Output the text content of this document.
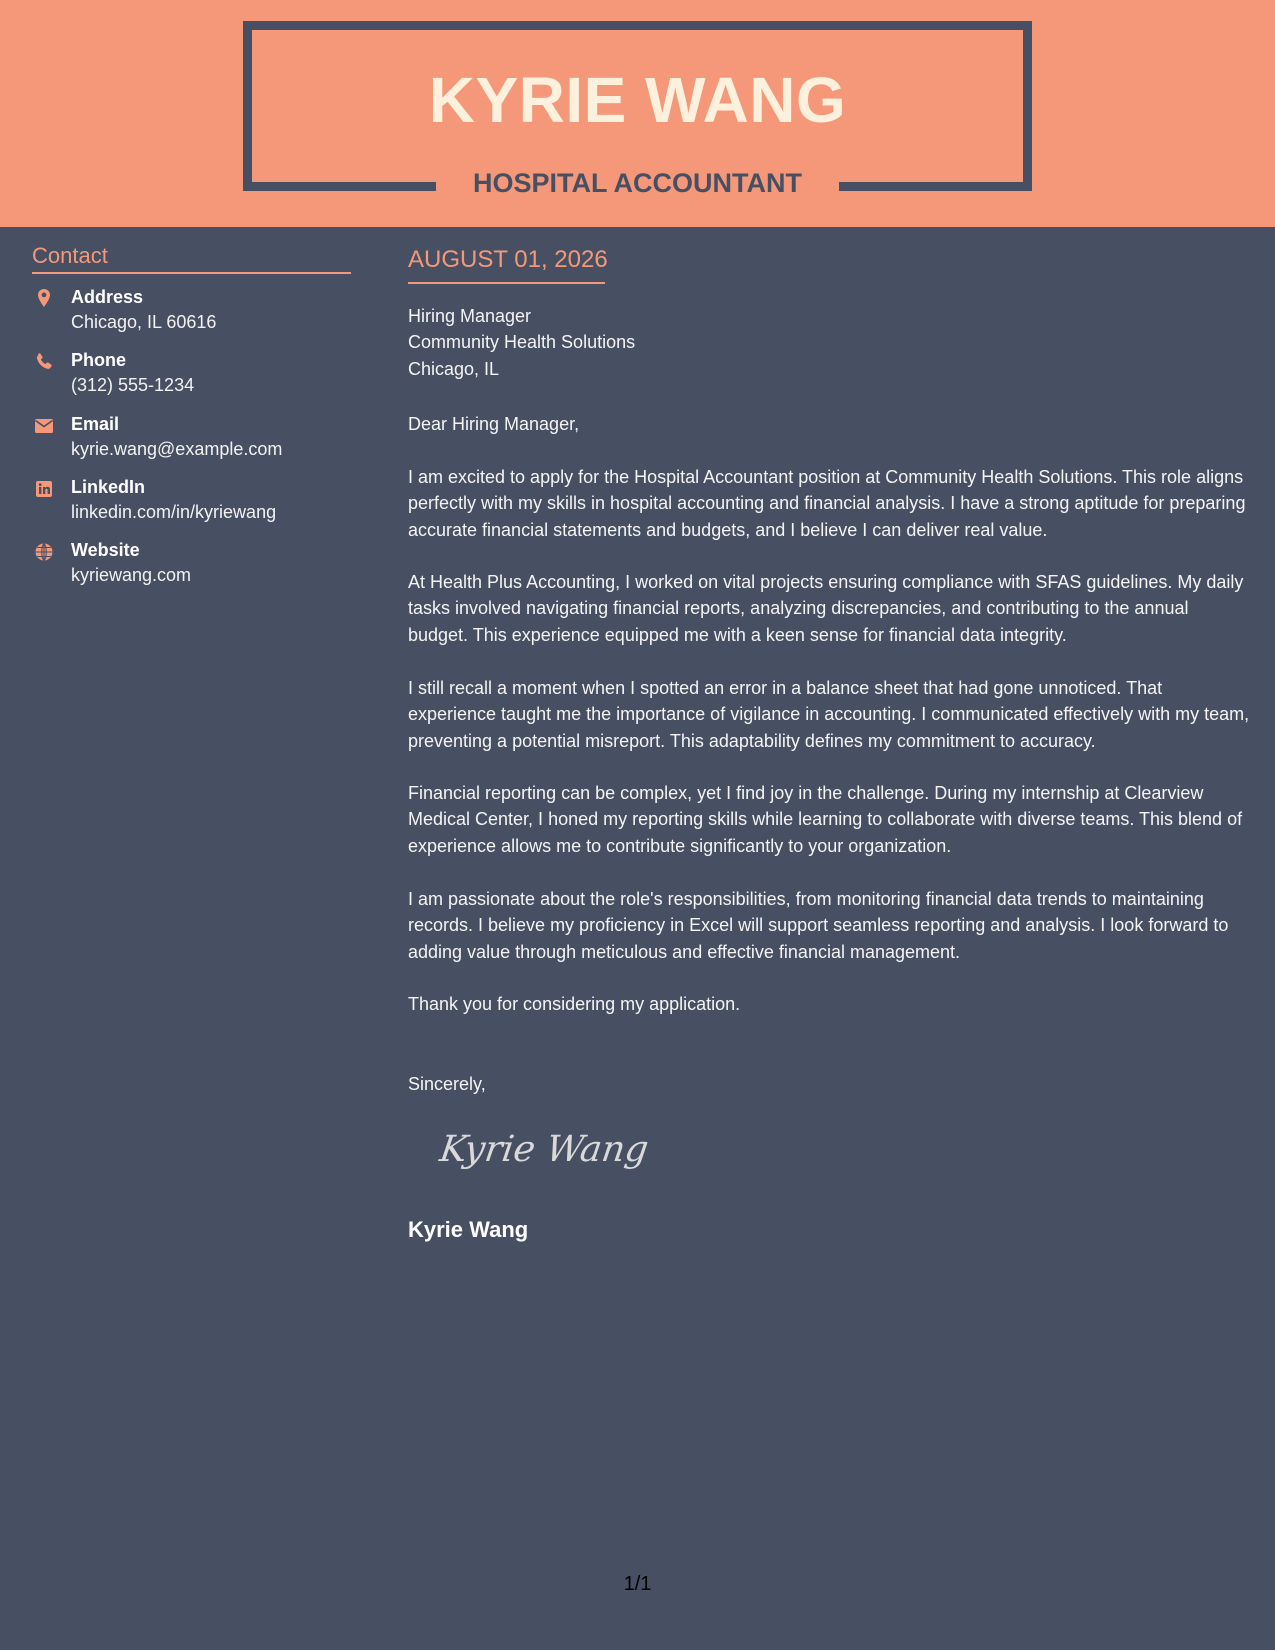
KYRIE WANG
HOSPITAL ACCOUNTANT
Contact
Address
Chicago, IL 60616
Phone
(312) 555-1234
Email
kyrie.wang@example.com
LinkedIn
linkedin.com/in/kyriewang
Website
kyriewang.com
AUGUST 01, 2026
Hiring Manager
Community Health Solutions
Chicago, IL
Dear Hiring Manager,
I am excited to apply for the Hospital Accountant position at Community Health Solutions. This role aligns perfectly with my skills in hospital accounting and financial analysis. I have a strong aptitude for preparing accurate financial statements and budgets, and I believe I can deliver real value.
At Health Plus Accounting, I worked on vital projects ensuring compliance with SFAS guidelines. My daily tasks involved navigating financial reports, analyzing discrepancies, and contributing to the annual budget. This experience equipped me with a keen sense for financial data integrity.
I still recall a moment when I spotted an error in a balance sheet that had gone unnoticed. That experience taught me the importance of vigilance in accounting. I communicated effectively with my team, preventing a potential misreport. This adaptability defines my commitment to accuracy.
Financial reporting can be complex, yet I find joy in the challenge. During my internship at Clearview Medical Center, I honed my reporting skills while learning to collaborate with diverse teams. This blend of experience allows me to contribute significantly to your organization.
I am passionate about the role's responsibilities, from monitoring financial data trends to maintaining records. I believe my proficiency in Excel will support seamless reporting and analysis. I look forward to adding value through meticulous and effective financial management.
Thank you for considering my application.
Sincerely,
Kyrie Wang
Kyrie Wang
1/1
